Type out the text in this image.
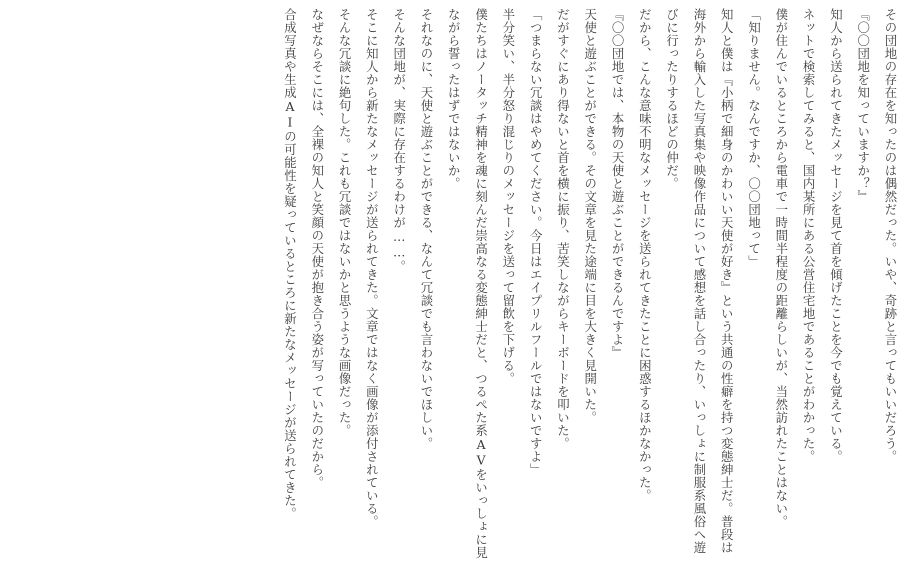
その団地の存在を知ったのは偶然だった。いや、奇跡と言ってもいいだろう。
『〇〇団地を知っていますか？』
知人から送られてきたメッセージを見て首を傾げたことを今でも覚えている。
ネットで検索してみると、国内某所にある公営住宅地であることがわかった。
僕が住んでいるところから電車で一時間半程度の距離らしいが、当然訪れたことはない。
「知りません。なんですか、〇〇団地って」
知人と僕は『小柄で細身のかわいい天使が好き』という共通の性癖を持つ変態紳士だ。普段は海外から輸入した写真集や映像作品について感想を話し合ったり、いっしょに制服系風俗へ遊びに行ったりするほどの仲だ。
だから、こんな意味不明なメッセージを送られてきたことに困惑するほかなかった。
『〇〇団地では、本物の天使と遊ぶことができるんですよ』
天使と遊ぶことができる。その文章を見た途端に目を大きく見開いた。
だがすぐにあり得ないと首を横に振り、苦笑しながらキーボードを叩いた。
「つまらない冗談はやめてください。今日はエイプリルフールではないですよ」
半分笑い、半分怒り混じりのメッセージを送って留飲を下げる。
僕たちはノータッチ精神を魂に刻んだ崇高なる変態紳士だと、つるぺた系AVをいっしょに見ながら誓ったはずではないか。
それなのに、天使と遊ぶことができる、なんて冗談でも言わないでほしい。
そんな団地が、実際に存在するわけが……。
そこに知人から新たなメッセージが送られてきた。文章ではなく画像が添付されている。
そんな冗談に絶句した。これも冗談ではないかと思うような画像だった。
なぜならそこには、全裸の知人と笑顔の天使が抱き合う姿が写っていたのだから。
合成写真や生成AIの可能性を疑っているところに新たなメッセージが送られてきた。
